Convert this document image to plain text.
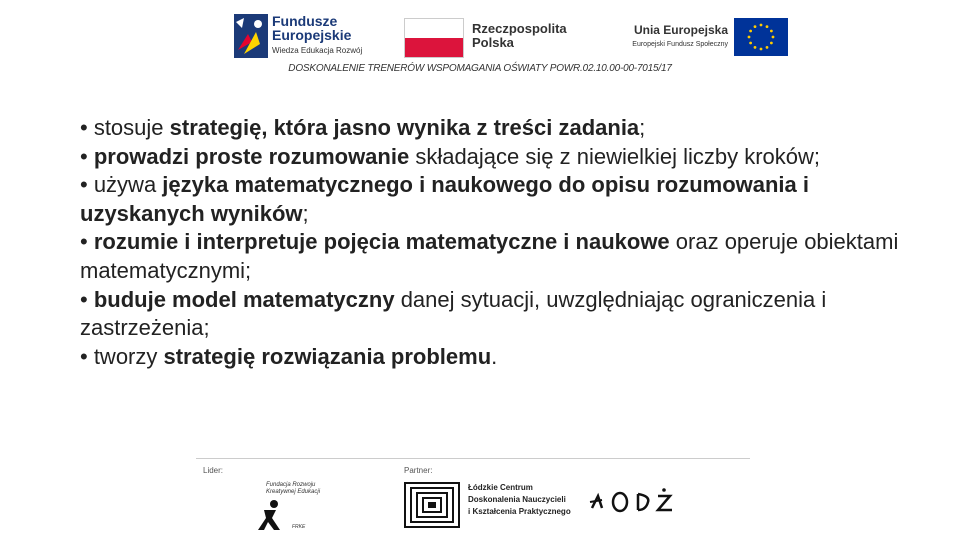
Fundusze
Europejskie
Wiedza Edukacja Rozwój
Rzeczpospolita
Polska
Unia Europejska
Europejski Fundusz Społeczny
DOSKONALENIE TRENERÓW WSPOMAGANIA OŚWIATY POWR.02.10.00-00-7015/17

• stosuje strategię, która jasno wynika z treści zadania;

• prowadzi proste rozumowanie składające się z niewielkiej liczby kroków;

• używa języka matematycznego i naukowego do opisu rozumowania i uzyskanych wyników;

• rozumie i interpretuje pojęcia matematyczne i naukowe oraz operuje obiektami matematycznymi;

• buduje model matematyczny danej sytuacji, uwzględniając ograniczenia i zastrzeżenia;

• tworzy strategię rozwiązania problemu.

Lider:	Partner:
Fundacja Rozwoju Kreatywnej Edukacji
FRKE
Łódzkie Centrum
Doskonalenia Nauczycieli
i Kształcenia Praktycznego
